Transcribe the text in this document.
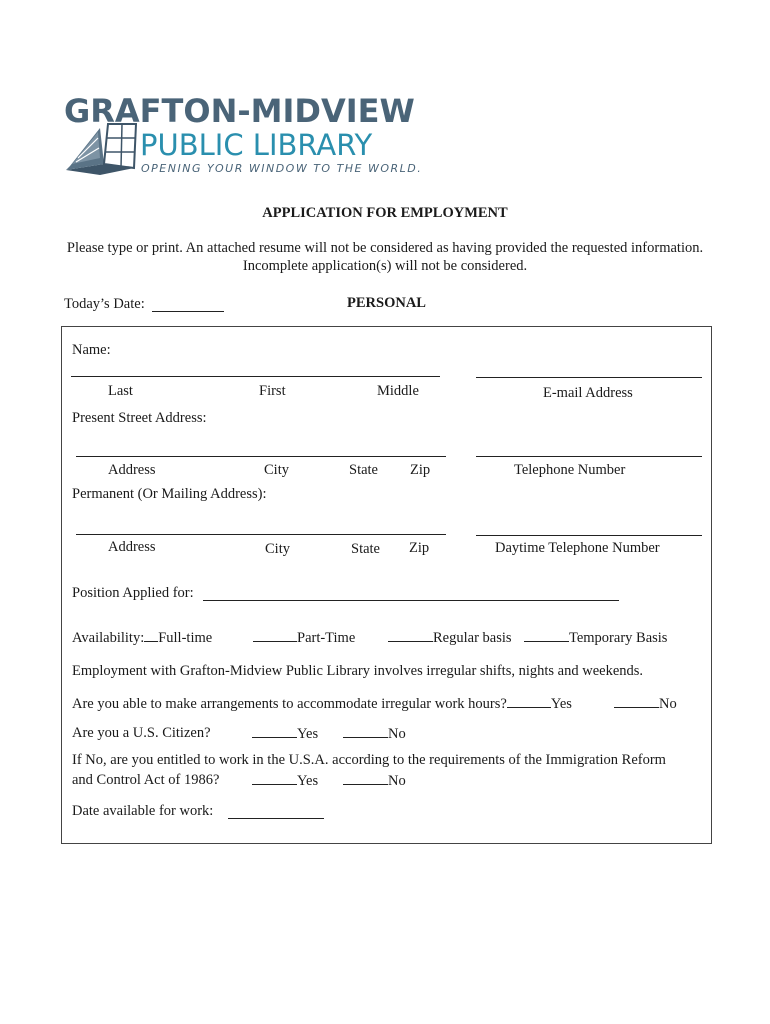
GRAFTON-MIDVIEW
PUBLIC LIBRARY
OPENING YOUR WINDOW TO THE WORLD.
APPLICATION FOR EMPLOYMENT
Please type or print. An attached resume will not be considered as having provided the requested information.
Incomplete application(s) will not be considered.
Today’s Date:	PERSONAL
Name:
Last	First	Middle	E-mail Address
Present Street Address:
Address	City	State Zip	Telephone Number
Permanent (Or Mailing Address):
Address	City	State Zip	Daytime Telephone Number
Position Applied for:
Availability: Full-time	Part-Time	Regular basis	Temporary Basis
Employment with Grafton-Midview Public Library involves irregular shifts, nights and weekends.
Are you able to make arrangements to accommodate irregular work hours?	Yes	No
Are you a U.S. Citizen?	Yes	No
If No, are you entitled to work in the U.S.A. according to the requirements of the Immigration Reform
and Control Act of 1986?	Yes	No
Date available for work:
